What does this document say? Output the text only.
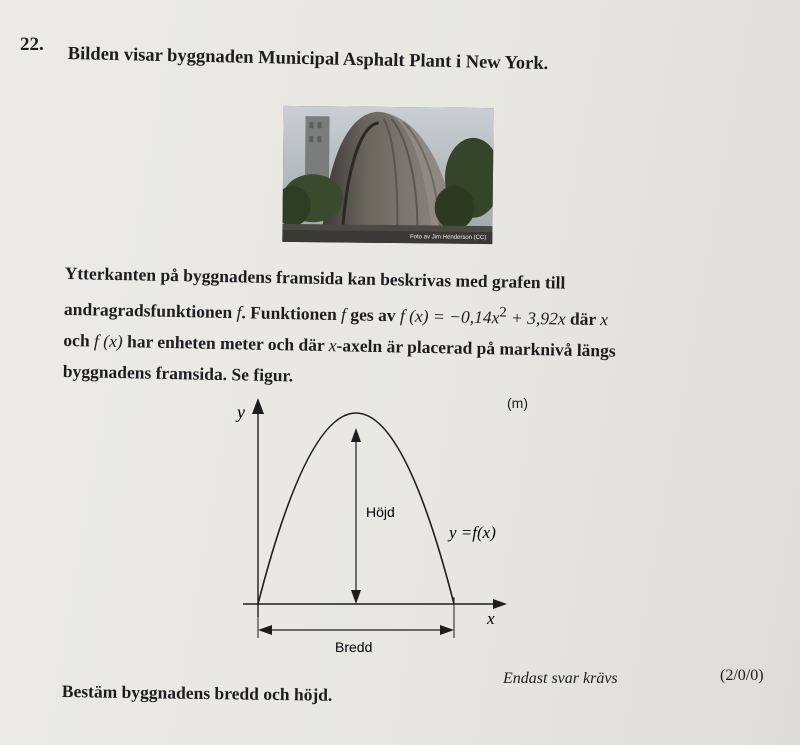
22. Bilden visar byggnaden Municipal Asphalt Plant i New York.
Foto av Jim Henderson (CC)
Ytterkanten på byggnadens framsida kan beskrivas med grafen till
andragradsfunktionen f. Funktionen f ges av f $(x) = -0,14x^2 + 3,92x$ där x
och f (x) har enheten meter och där x-axeln är placerad på marknivå längs
byggnadens framsida. Se figur.
(m)
y
x
Höjd
y =f(x)
Bredd
Bestäm byggnadens bredd och höjd.
Endast svar krävs	(2/0/0)
